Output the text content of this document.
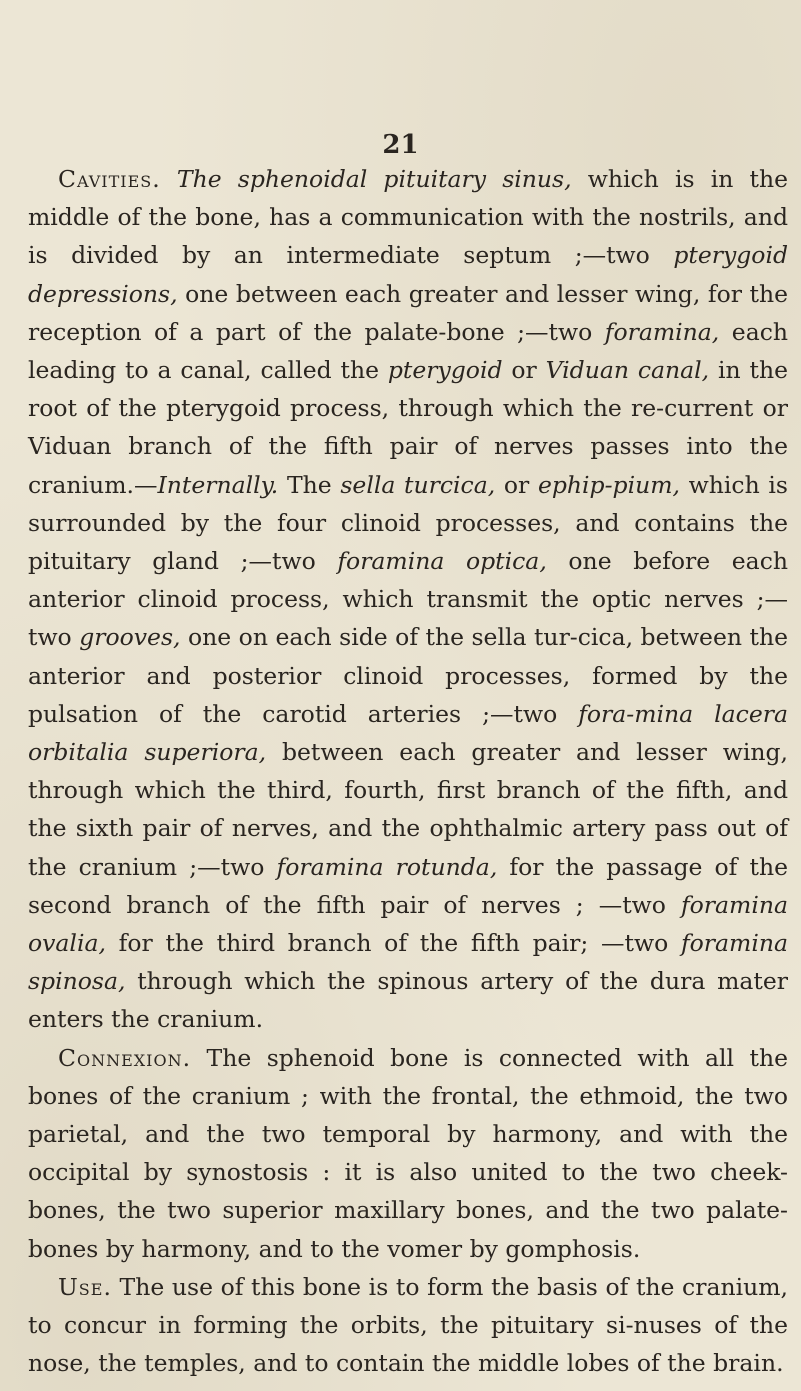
21

Cavities. The sphenoidal pituitary sinus, which is in the middle of the bone, has a communication with the nostrils, and is divided by an intermediate septum ;—two pterygoid depressions, one between each greater and lesser wing, for the reception of a part of the palate-bone ;—two foramina, each leading to a canal, called the pterygoid or Viduan canal, in the root of the pterygoid process, through which the re-current or Viduan branch of the fifth pair of nerves passes into the cranium.—Internally. The sella turcica, or ephip-pium, which is surrounded by the four clinoid processes, and contains the pituitary gland ;—two foramina optica, one before each anterior clinoid process, which transmit the optic nerves ;—two grooves, one on each side of the sella tur-cica, between the anterior and posterior clinoid processes, formed by the pulsation of the carotid arteries ;—two fora-mina lacera orbitalia superiora, between each greater and lesser wing, through which the third, fourth, first branch of the fifth, and the sixth pair of nerves, and the ophthalmic artery pass out of the cranium ;—two foramina rotunda, for the passage of the second branch of the fifth pair of nerves ; —two foramina ovalia, for the third branch of the fifth pair; —two foramina spinosa, through which the spinous artery of the dura mater enters the cranium.

Connexion. The sphenoid bone is connected with all the bones of the cranium ; with the frontal, the ethmoid, the two parietal, and the two temporal by harmony, and with the occipital by synostosis : it is also united to the two cheek-bones, the two superior maxillary bones, and the two palate-bones by harmony, and to the vomer by gomphosis.

Use. The use of this bone is to form the basis of the cranium, to concur in forming the orbits, the pituitary si-nuses of the nose, the temples, and to contain the middle lobes of the brain.
